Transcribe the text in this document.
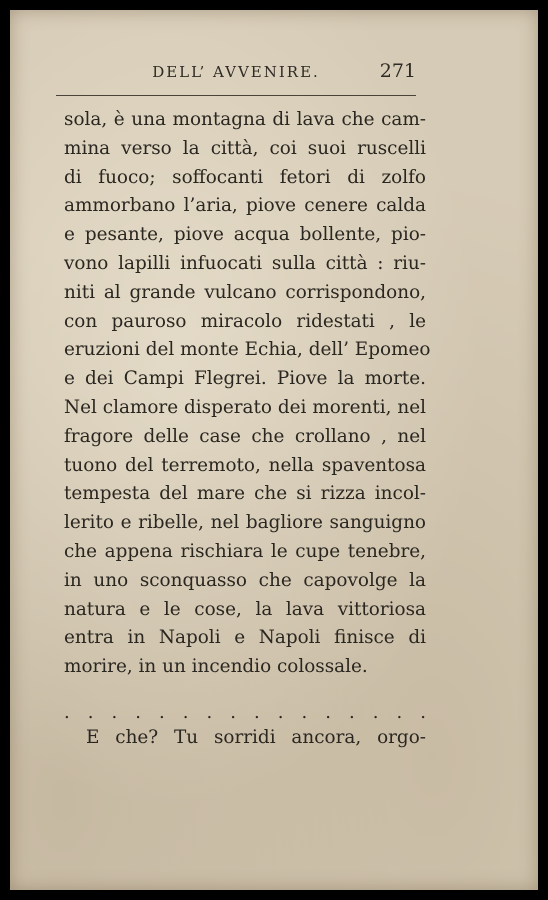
DELL’ AVVENIRE.	271
sola, è una montagna di lava che cam-
mina verso la città, coi suoi ruscelli
di fuoco; soffocanti fetori di zolfo
ammorbano l’aria, piove cenere calda
e pesante, piove acqua bollente, pio-
vono lapilli infuocati sulla città : riu-
niti al grande vulcano corrispondono,
con pauroso miracolo ridestati , le
eruzioni del monte Echia, dell’ Epomeo
e dei Campi Flegrei. Piove la morte.
Nel clamore disperato dei morenti, nel
fragore delle case che crollano , nel
tuono del terremoto, nella spaventosa
tempesta del mare che si rizza incol-
lerito e ribelle, nel bagliore sanguigno
che appena rischiara le cupe tenebre,
in uno sconquasso che capovolge la
natura e le cose, la lava vittoriosa
entra in Napoli e Napoli finisce di
morire, in un incendio colossale.
. . . . . . . . . . . . . . . .
E che? Tu sorridi ancora, orgo-
